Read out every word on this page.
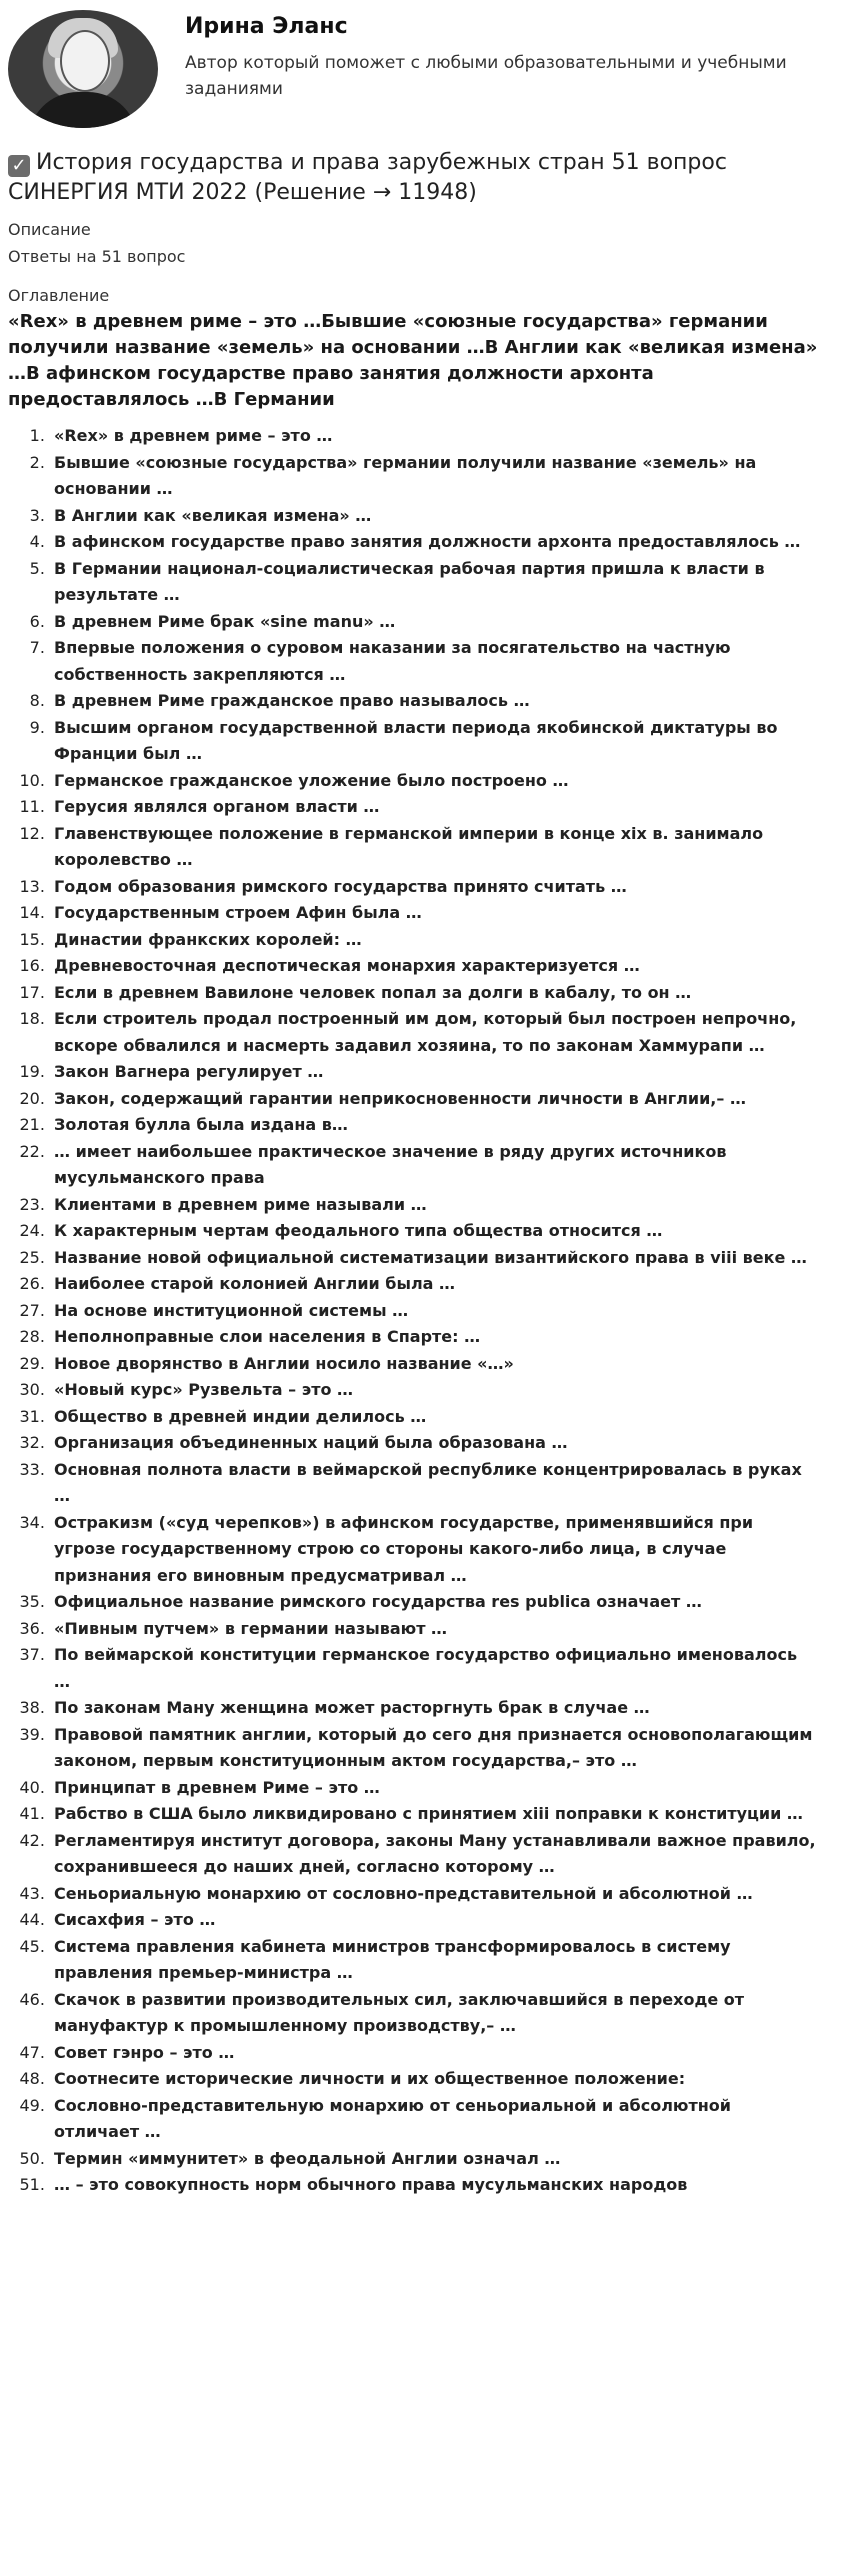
Ирина Эланс
Автор который поможет с любыми образовательными и учебными заданиями
✓ История государства и права зарубежных стран 51 вопрос СИНЕРГИЯ МТИ 2022 (Решение → 11948)
Описание
Ответы на 51 вопрос
Оглавление
«Rex» в древнем риме – это …Бывшие «союзные государства» германии получили название «земель» на основании …В Англии как «великая измена» …В афинском государстве право занятия должности архонта предоставлялось …В Германии
1. «Rex» в древнем риме – это …
2. Бывшие «союзные государства» германии получили название «земель» на основании …
3. В Англии как «великая измена» …
4. В афинском государстве право занятия должности архонта предоставлялось …
5. В Германии национал-социалистическая рабочая партия пришла к власти в результате …
6. В древнем Риме брак «sine manu» …
7. Впервые положения о суровом наказании за посягательство на частную собственность закрепляются …
8. В древнем Риме гражданское право называлось …
9. Высшим органом государственной власти периода якобинской диктатуры во Франции был …
10. Германское гражданское уложение было построено …
11. Герусия являлся органом власти …
12. Главенствующее положение в германской империи в конце xix в. занимало королевство …
13. Годом образования римского государства принято считать …
14. Государственным строем Афин была …
15. Династии франкских королей: …
16. Древневосточная деспотическая монархия характеризуется …
17. Если в древнем Вавилоне человек попал за долги в кабалу, то он …
18. Если строитель продал построенный им дом, который был построен непрочно, вскоре обвалился и насмерть задавил хозяина, то по законам Хаммурапи …
19. Закон Вагнера регулирует …
20. Закон, содержащий гарантии неприкосновенности личности в Англии,– …
21. Золотая булла была издана в…
22. … имеет наибольшее практическое значение в ряду других источников мусульманского права
23. Клиентами в древнем риме называли …
24. К характерным чертам феодального типа общества относится …
25. Название новой официальной систематизации византийского права в viii веке …
26. Наиболее старой колонией Англии была …
27. На основе институционной системы …
28. Неполноправные слои населения в Спарте: …
29. Новое дворянство в Англии носило название «…»
30. «Новый курс» Рузвельта – это …
31. Общество в древней индии делилось …
32. Организация объединенных наций была образована …
33. Основная полнота власти в веймарской республике концентрировалась в руках …
34. Остракизм («суд черепков») в афинском государстве, применявшийся при угрозе государственному строю со стороны какого-либо лица, в случае признания его виновным предусматривал …
35. Официальное название римского государства res publica означает …
36. «Пивным путчем» в германии называют …
37. По веймарской конституции германское государство официально именовалось …
38. По законам Ману женщина может расторгнуть брак в случае …
39. Правовой памятник англии, который до сего дня признается основополагающим законом, первым конституционным актом государства,– это …
40. Принципат в древнем Риме – это …
41. Рабство в США было ликвидировано с принятием xiii поправки к конституции …
42. Регламентируя институт договора, законы Ману устанавливали важное правило, сохранившееся до наших дней, согласно которому …
43. Сеньориальную монархию от сословно-представительной и абсолютной …
44. Сисахфия – это …
45. Система правления кабинета министров трансформировалось в систему правления премьер-министра …
46. Скачок в развитии производительных сил, заключавшийся в переходе от мануфактур к промышленному производству,– …
47. Совет гэнро – это …
48. Соотнесите исторические личности и их общественное положение:
49. Сословно-представительную монархию от сеньориальной и абсолютной отличает …
50. Термин «иммунитет» в феодальной Англии означал …
51. … – это совокупность норм обычного права мусульманских народов
